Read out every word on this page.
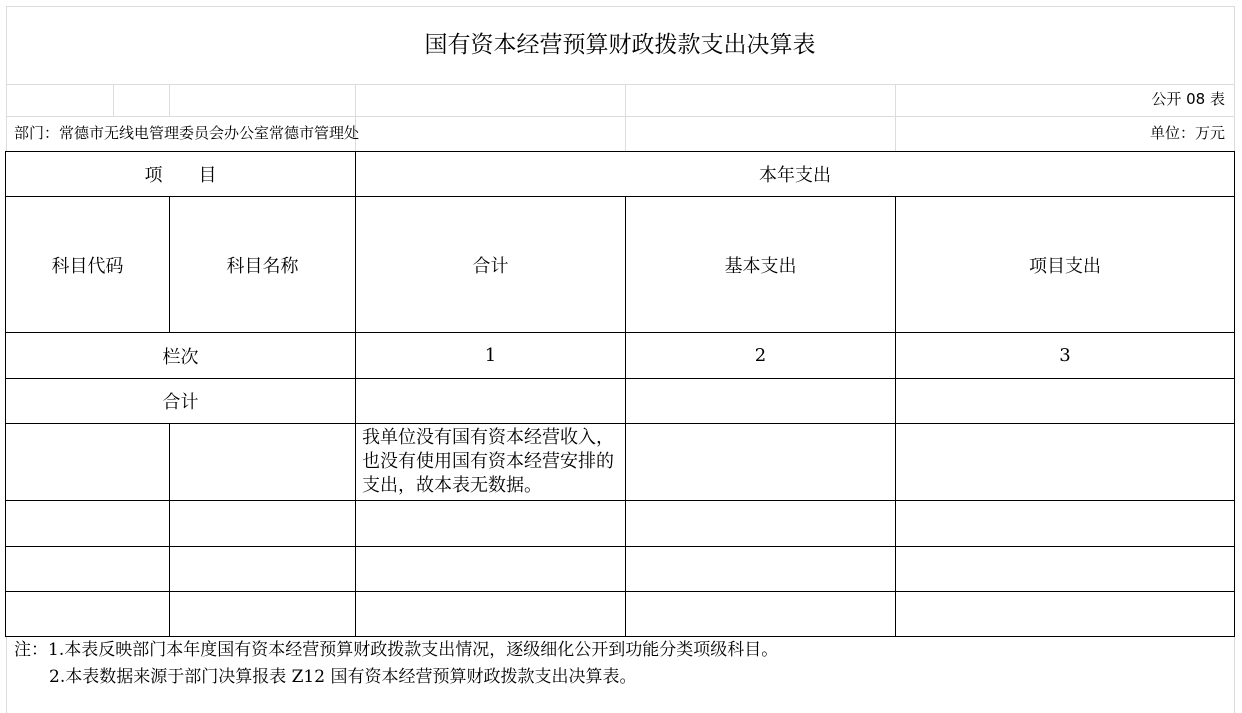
国有资本经营预算财政拨款支出决算表
公开 08 表
部门：常德市无线电管理委员会办公室常德市管理处	单位：万元
项　　目	本年支出
科目代码	科目名称	合计	基本支出	项目支出
栏次	1	2	3
合计
我单位没有国有资本经营收入，也没有使用国有资本经营安排的支出，故本表无数据。
注：1.本表反映部门本年度国有资本经营预算财政拨款支出情况，逐级细化公开到功能分类项级科目。
2.本表数据来源于部门决算报表 Z12 国有资本经营预算财政拨款支出决算表。
